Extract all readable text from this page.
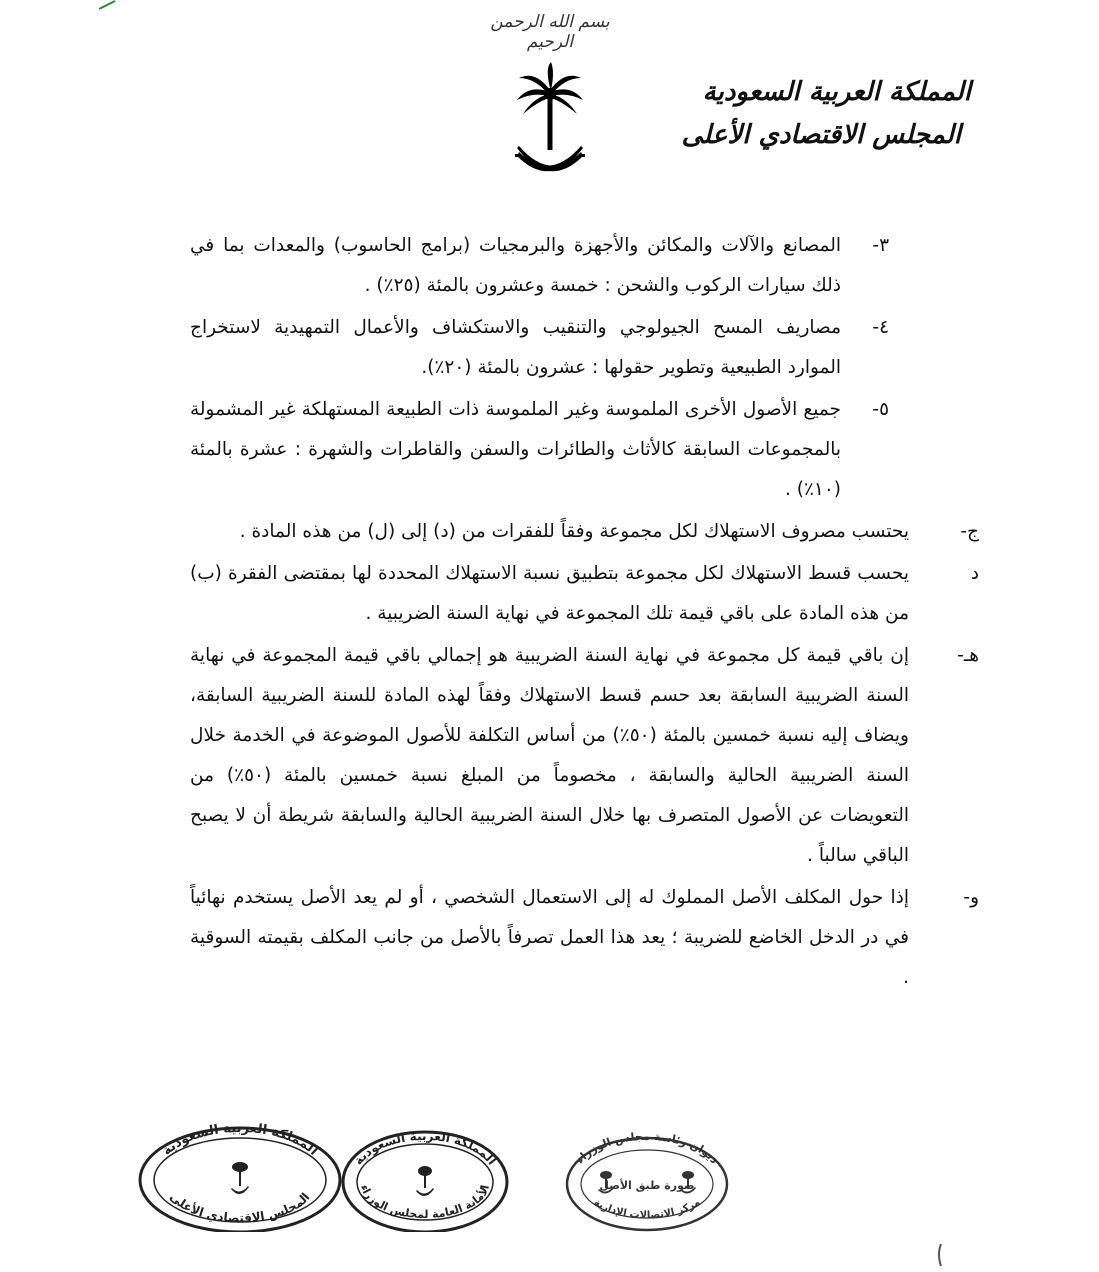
بسم الله الرحمن الرحيم
المملكة العربية السعودية
المجلس الاقتصادي الأعلى
٣-
المصانع والآلات والمكائن والأجهزة والبرمجيات (برامج الحاسوب) والمعدات بما في ذلك سيارات الركوب والشحن : خمسة وعشرون بالمئة (٢٥٪) .
٤-
مصاريف المسح الجيولوجي والتنقيب والاستكشاف والأعمال التمهيدية لاستخراج الموارد الطبيعية وتطوير حقولها : عشرون بالمئة (٢٠٪).
٥-
جميع الأصول الأخرى الملموسة وغير الملموسة ذات الطبيعة المستهلكة غير المشمولة بالمجموعات السابقة كالأثاث والطائرات والسفن والقاطرات والشهرة : عشرة بالمئة (١٠٪) .
ج-
يحتسب مصروف الاستهلاك لكل مجموعة وفقاً للفقرات من (د) إلى (ل) من هذه المادة .
د
يحسب قسط الاستهلاك لكل مجموعة بتطبيق نسبة الاستهلاك المحددة لها بمقتضى الفقرة (ب) من هذه المادة على باقي قيمة تلك المجموعة في نهاية السنة الضريبية .
هـ-
إن باقي قيمة كل مجموعة في نهاية السنة الضريبية هو إجمالي باقي قيمة المجموعة في نهاية السنة الضريبية السابقة بعد حسم قسط الاستهلاك وفقاً لهذه المادة للسنة الضريبية السابقة، ويضاف إليه نسبة خمسين بالمئة (٥٠٪) من أساس التكلفة للأصول الموضوعة في الخدمة خلال السنة الضريبية الحالية والسابقة ، مخصوماً من المبلغ نسبة خمسين بالمئة (٥٠٪) من التعويضات عن الأصول المتصرف بها خلال السنة الضريبية الحالية والسابقة شريطة أن لا يصبح الباقي سالباً .
و-
إذا حول المكلف الأصل المملوك له إلى الاستعمال الشخصي ، أو لم يعد الأصل يستخدم نهائياً في در الدخل الخاضع للضريبة ؛ يعد هذا العمل تصرفاً بالأصل من جانب المكلف بقيمته السوقية .
المملكة العربية السعودية
المجلس الاقتصادي الأعلى
المملكة العربية السعودية
الأمانة العامة لمجلس الوزراء
ديوان رئاسة مجلس الوزراء
صورة طبق الأصل
مركز الاتصالات الإدارية
